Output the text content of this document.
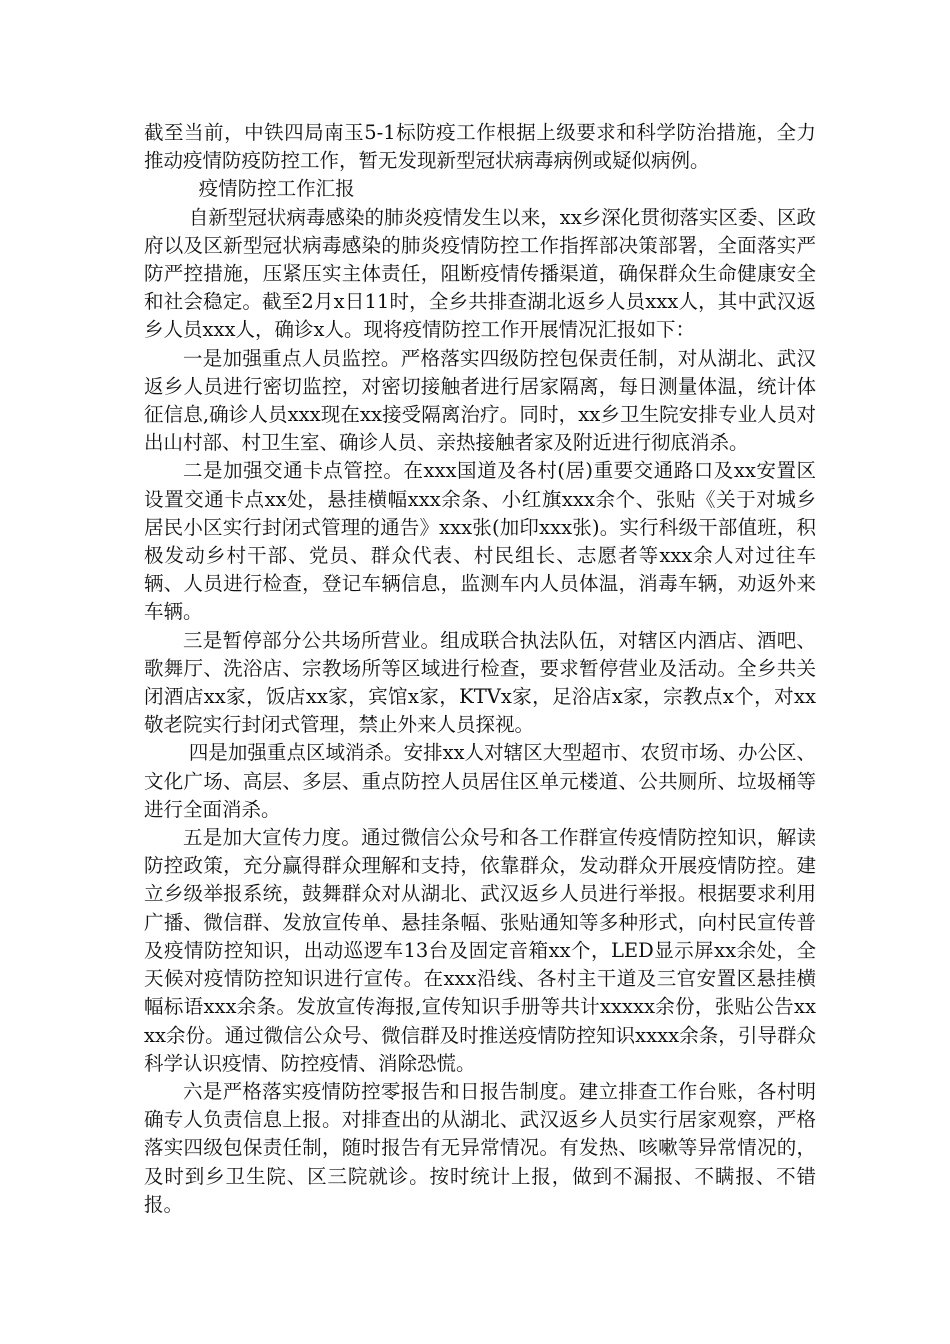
截至当前，中铁四局南玉5-1标防疫工作根据上级要求和科学防治措施，全力推动疫情防疫防控工作，暂无发现新型冠状病毒病例或疑似病例。

疫情防控工作汇报

自新型冠状病毒感染的肺炎疫情发生以来，xx乡深化贯彻落实区委、区政府以及区新型冠状病毒感染的肺炎疫情防控工作指挥部决策部署，全面落实严防严控措施，压紧压实主体责任，阻断疫情传播渠道，确保群众生命健康安全和社会稳定。截至2月x日11时，全乡共排查湖北返乡人员xxx人，其中武汉返乡人员xxx人，确诊x人。现将疫情防控工作开展情况汇报如下：

一是加强重点人员监控。严格落实四级防控包保责任制，对从湖北、武汉返乡人员进行密切监控，对密切接触者进行居家隔离，每日测量体温，统计体征信息,确诊人员xxx现在xx接受隔离治疗。同时，xx乡卫生院安排专业人员对出山村部、村卫生室、确诊人员、亲热接触者家及附近进行彻底消杀。

二是加强交通卡点管控。在xxx国道及各村(居)重要交通路口及xx安置区设置交通卡点xx处，悬挂横幅xxx余条、小红旗xxx余个、张贴《关于对城乡居民小区实行封闭式管理的通告》xxx张(加印xxx张)。实行科级干部值班，积极发动乡村干部、党员、群众代表、村民组长、志愿者等xxx余人对过往车辆、人员进行检查，登记车辆信息，监测车内人员体温，消毒车辆，劝返外来车辆。

三是暂停部分公共场所营业。组成联合执法队伍，对辖区内酒店、酒吧、歌舞厅、洗浴店、宗教场所等区域进行检查，要求暂停营业及活动。全乡共关闭酒店xx家，饭店xx家，宾馆x家，KTVx家，足浴店x家，宗教点x个，对xx敬老院实行封闭式管理，禁止外来人员探视。

四是加强重点区域消杀。安排xx人对辖区大型超市、农贸市场、办公区、文化广场、高层、多层、重点防控人员居住区单元楼道、公共厕所、垃圾桶等进行全面消杀。

五是加大宣传力度。通过微信公众号和各工作群宣传疫情防控知识，解读防控政策，充分赢得群众理解和支持，依靠群众，发动群众开展疫情防控。建立乡级举报系统，鼓舞群众对从湖北、武汉返乡人员进行举报。根据要求利用广播、微信群、发放宣传单、悬挂条幅、张贴通知等多种形式，向村民宣传普及疫情防控知识，出动巡逻车13台及固定音箱xx个，LED显示屏xx余处，全天候对疫情防控知识进行宣传。在xxx沿线、各村主干道及三官安置区悬挂横幅标语xxx余条。发放宣传海报,宣传知识手册等共计xxxxx余份，张贴公告xxxx余份。通过微信公众号、微信群及时推送疫情防控知识xxxx余条，引导群众科学认识疫情、防控疫情、消除恐慌。

六是严格落实疫情防控零报告和日报告制度。建立排查工作台账，各村明确专人负责信息上报。对排查出的从湖北、武汉返乡人员实行居家观察，严格落实四级包保责任制，随时报告有无异常情况。有发热、咳嗽等异常情况的，及时到乡卫生院、区三院就诊。按时统计上报，做到不漏报、不瞒报、不错报。
